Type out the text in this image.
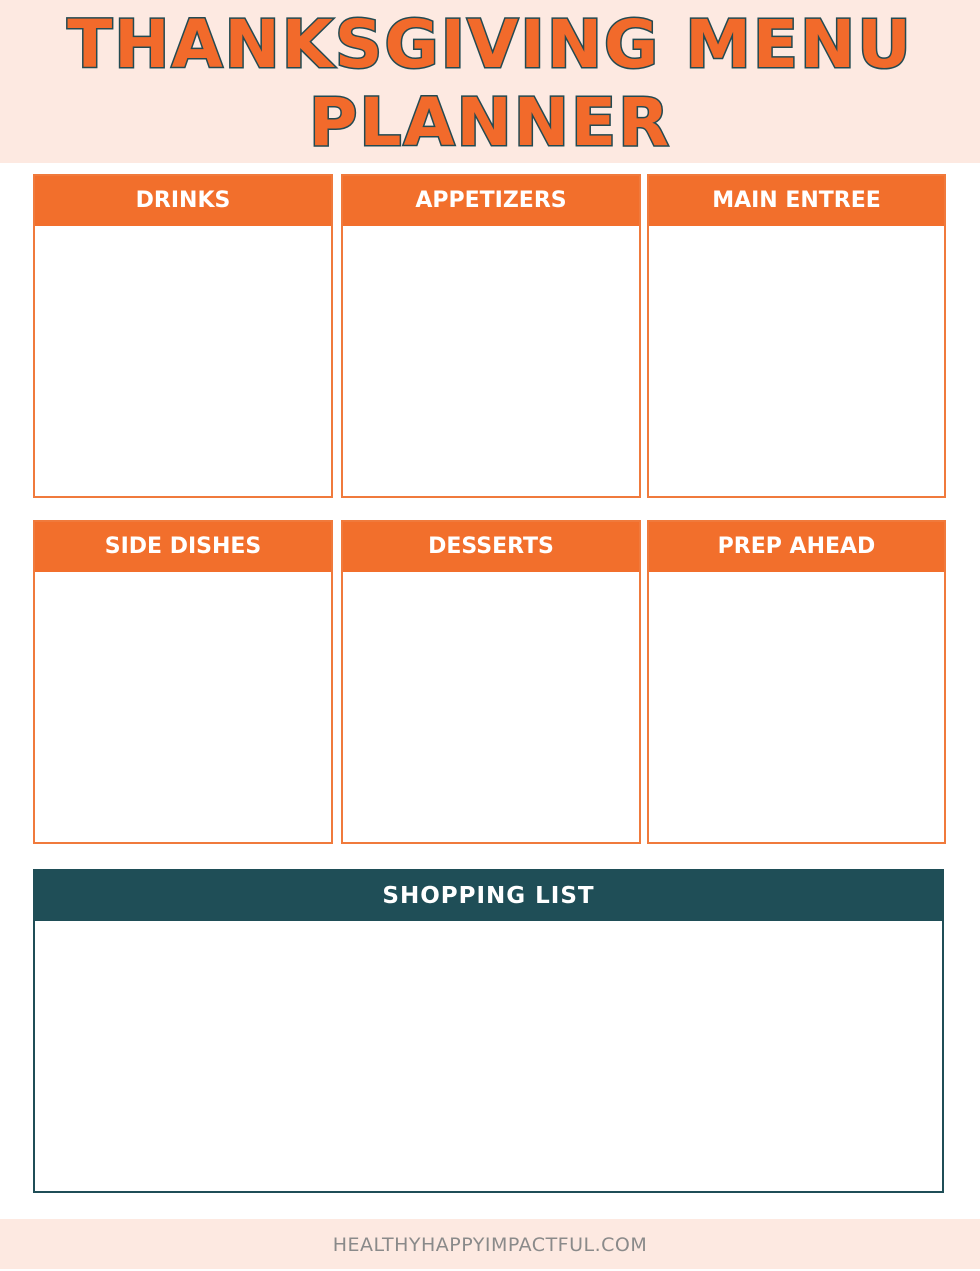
THANKSGIVING MENU
PLANNER
DRINKS	APPETIZERS	MAIN ENTREE
SIDE DISHES	DESSERTS	PREP AHEAD
SHOPPING LIST
HEALTHYHAPPYIMPACTFUL.COM
